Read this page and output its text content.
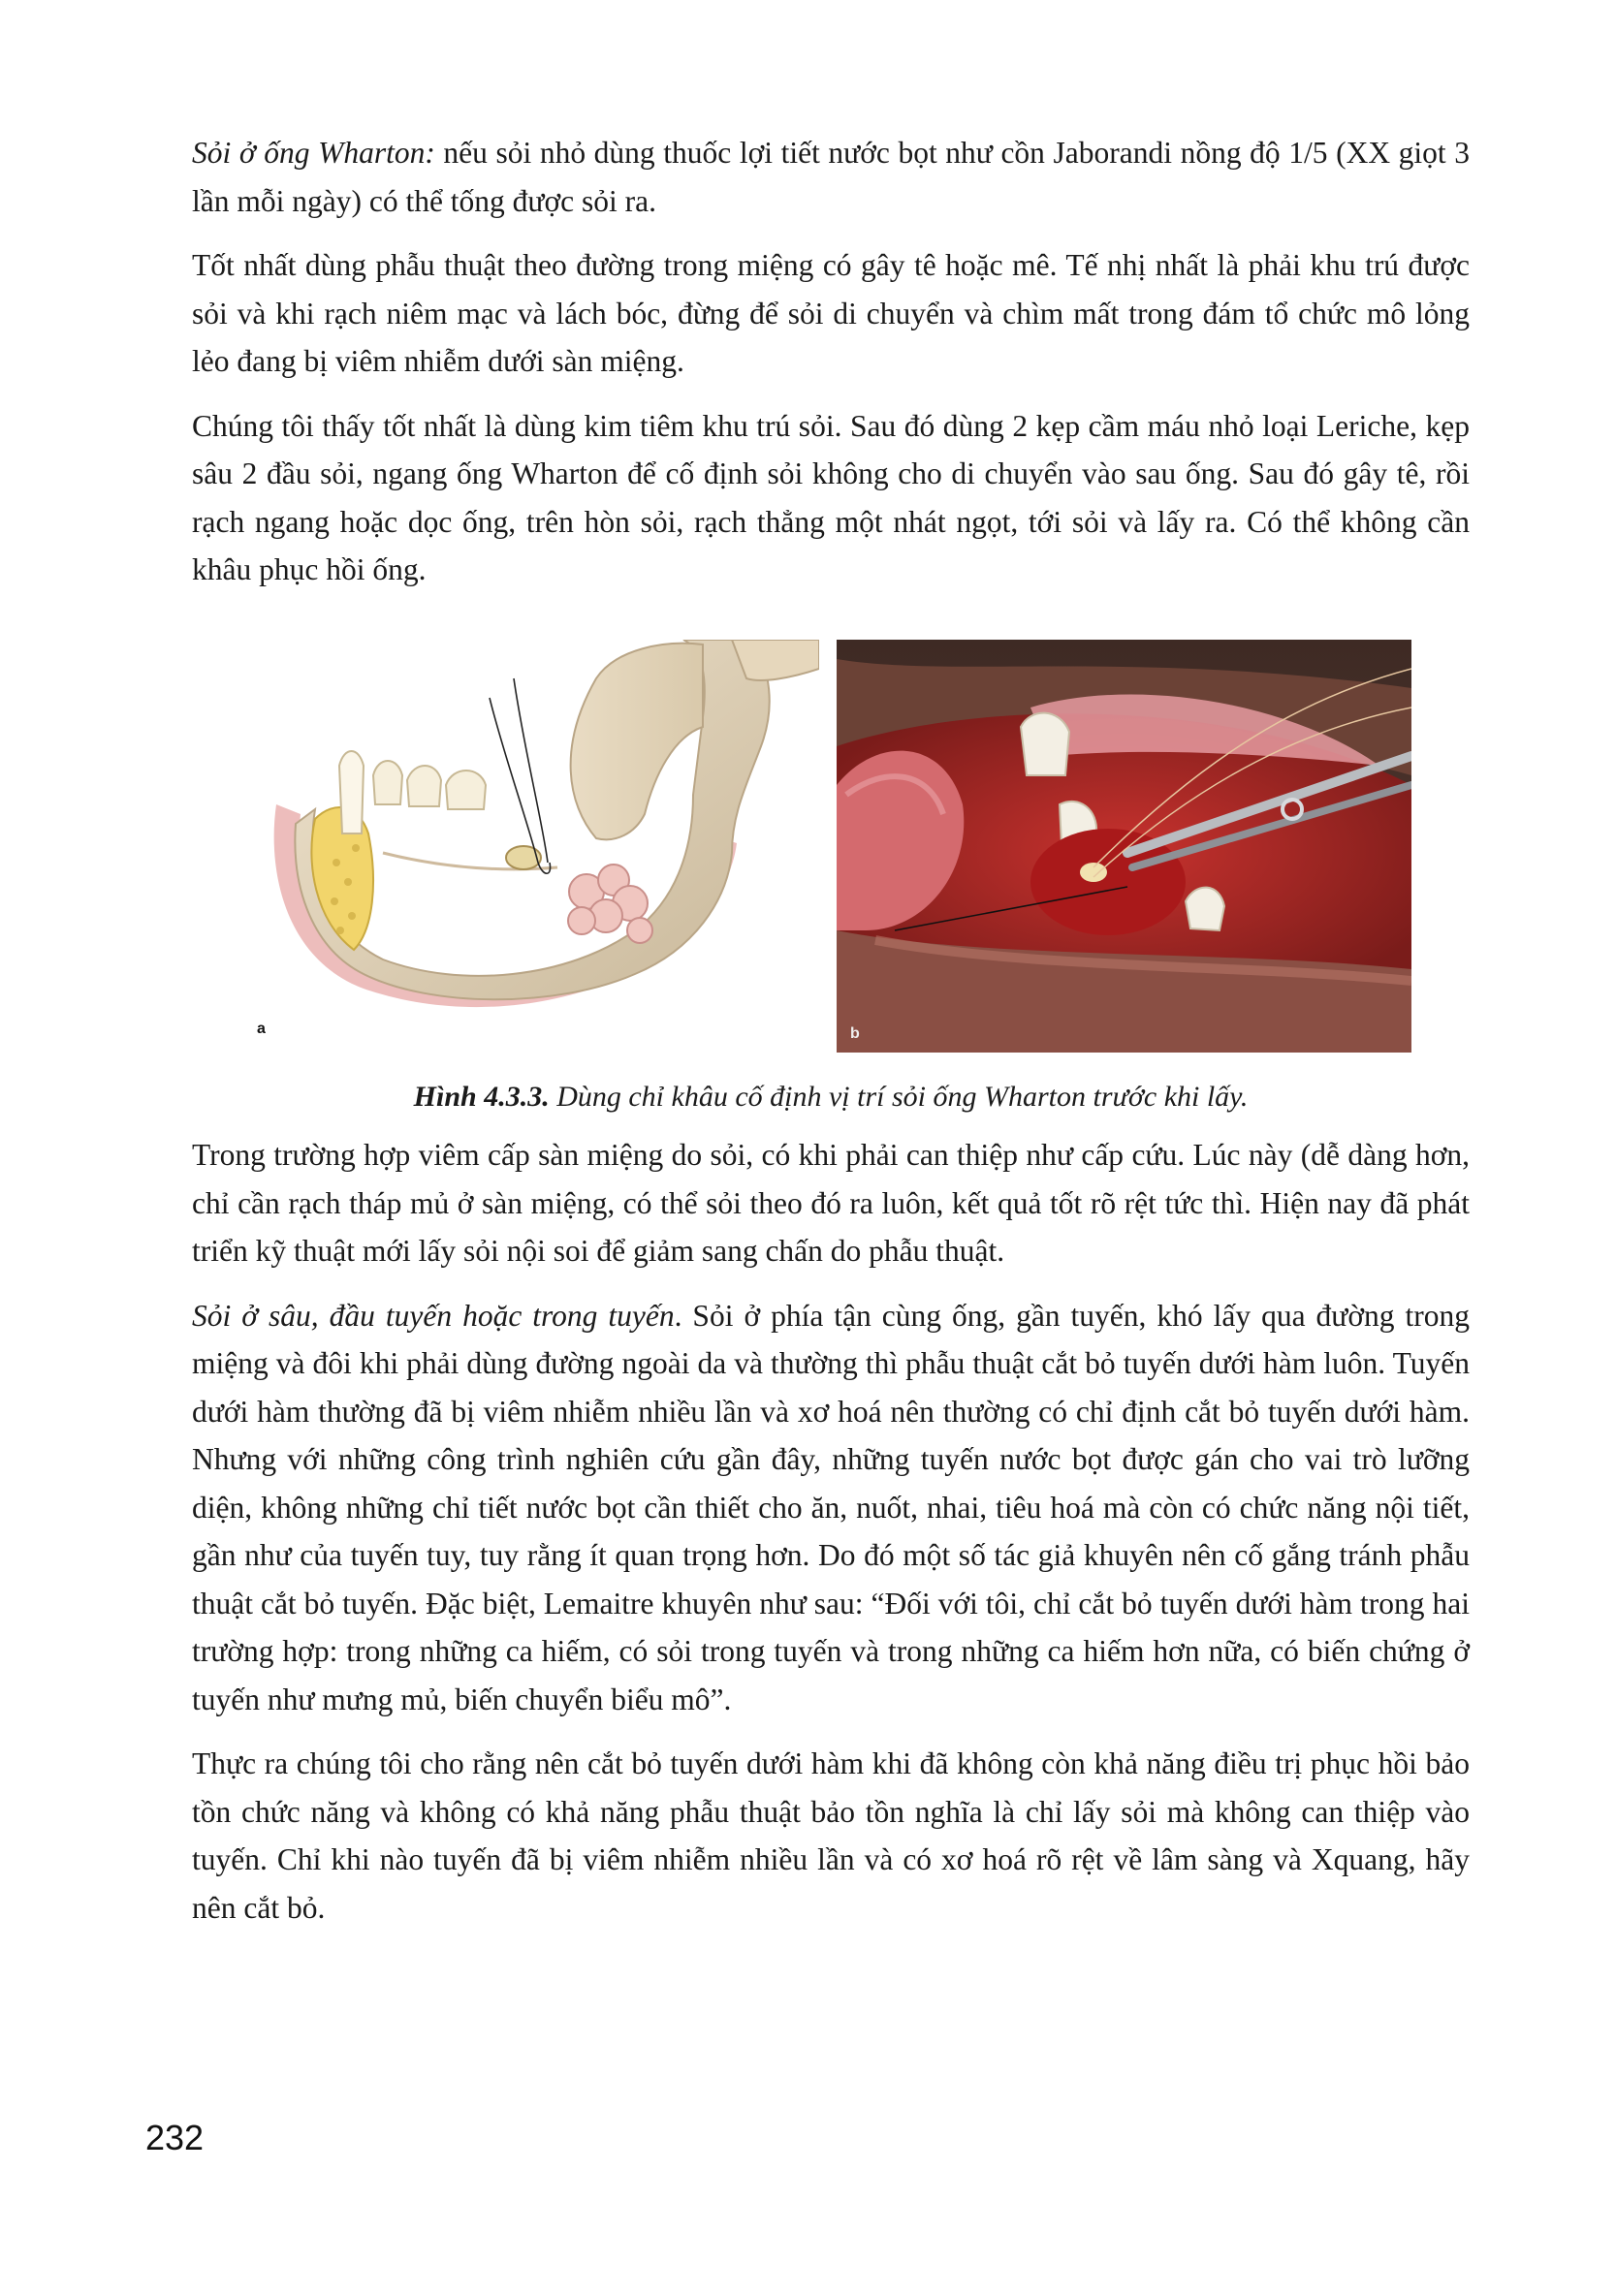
Sỏi ở ống Wharton: nếu sỏi nhỏ dùng thuốc lợi tiết nước bọt như cồn Jaborandi nồng độ 1/5 (XX giọt 3 lần mỗi ngày) có thể tống được sỏi ra.

Tốt nhất dùng phẫu thuật theo đường trong miệng có gây tê hoặc mê. Tế nhị nhất là phải khu trú được sỏi và khi rạch niêm mạc và lách bóc, đừng để sỏi di chuyển và chìm mất trong đám tổ chức mô lỏng lẻo đang bị viêm nhiễm dưới sàn miệng.

Chúng tôi thấy tốt nhất là dùng kim tiêm khu trú sỏi. Sau đó dùng 2 kẹp cầm máu nhỏ loại Leriche, kẹp sâu 2 đầu sỏi, ngang ống Wharton để cố định sỏi không cho di chuyển vào sau ống. Sau đó gây tê, rồi rạch ngang hoặc dọc ống, trên hòn sỏi, rạch thẳng một nhát ngọt, tới sỏi và lấy ra. Có thể không cần khâu phục hồi ống.

a	b
Hình 4.3.3. Dùng chỉ khâu cố định vị trí sỏi ống Wharton trước khi lấy.

Trong trường hợp viêm cấp sàn miệng do sỏi, có khi phải can thiệp như cấp cứu. Lúc này (dễ dàng hơn, chỉ cần rạch tháp mủ ở sàn miệng, có thể sỏi theo đó ra luôn, kết quả tốt rõ rệt tức thì. Hiện nay đã phát triển kỹ thuật mới lấy sỏi nội soi để giảm sang chấn do phẫu thuật.

Sỏi ở sâu, đầu tuyến hoặc trong tuyến. Sỏi ở phía tận cùng ống, gần tuyến, khó lấy qua đường trong miệng và đôi khi phải dùng đường ngoài da và thường thì phẫu thuật cắt bỏ tuyến dưới hàm luôn. Tuyến dưới hàm thường đã bị viêm nhiễm nhiều lần và xơ hoá nên thường có chỉ định cắt bỏ tuyến dưới hàm. Nhưng với những công trình nghiên cứu gần đây, những tuyến nước bọt được gán cho vai trò lưỡng diện, không những chỉ tiết nước bọt cần thiết cho ăn, nuốt, nhai, tiêu hoá mà còn có chức năng nội tiết, gần như của tuyến tuy, tuy rằng ít quan trọng hơn. Do đó một số tác giả khuyên nên cố gắng tránh phẫu thuật cắt bỏ tuyến. Đặc biệt, Lemaitre khuyên như sau: “Đối với tôi, chỉ cắt bỏ tuyến dưới hàm trong hai trường hợp: trong những ca hiếm, có sỏi trong tuyến và trong những ca hiếm hơn nữa, có biến chứng ở tuyến như mưng mủ, biến chuyển biểu mô”.

Thực ra chúng tôi cho rằng nên cắt bỏ tuyến dưới hàm khi đã không còn khả năng điều trị phục hồi bảo tồn chức năng và không có khả năng phẫu thuật bảo tồn nghĩa là chỉ lấy sỏi mà không can thiệp vào tuyến. Chỉ khi nào tuyến đã bị viêm nhiễm nhiều lần và có xơ hoá rõ rệt về lâm sàng và Xquang, hãy nên cắt bỏ.

232
